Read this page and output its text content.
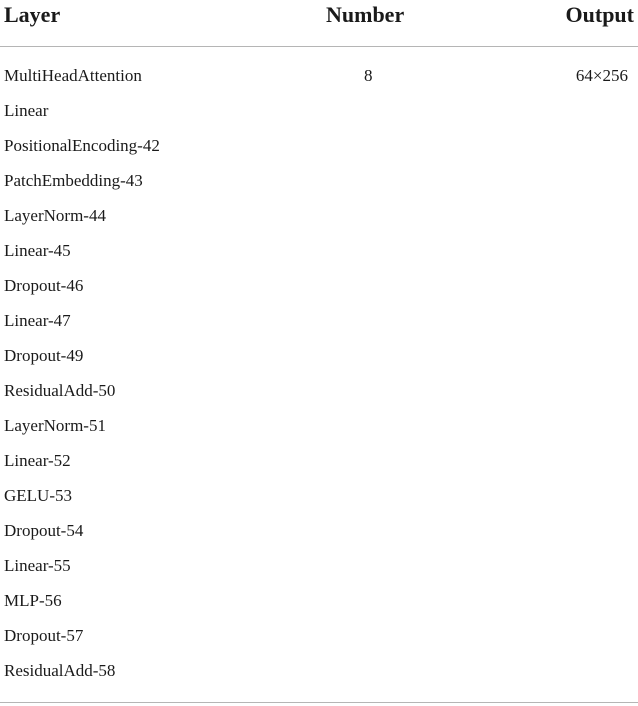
Layer	Number	Output
MultiHeadAttention	8	64×256
Linear
PositionalEncoding-42
PatchEmbedding-43
LayerNorm-44
Linear-45
Dropout-46
Linear-47
Dropout-49
ResidualAdd-50
LayerNorm-51
Linear-52
GELU-53
Dropout-54
Linear-55
MLP-56
Dropout-57
ResidualAdd-58
